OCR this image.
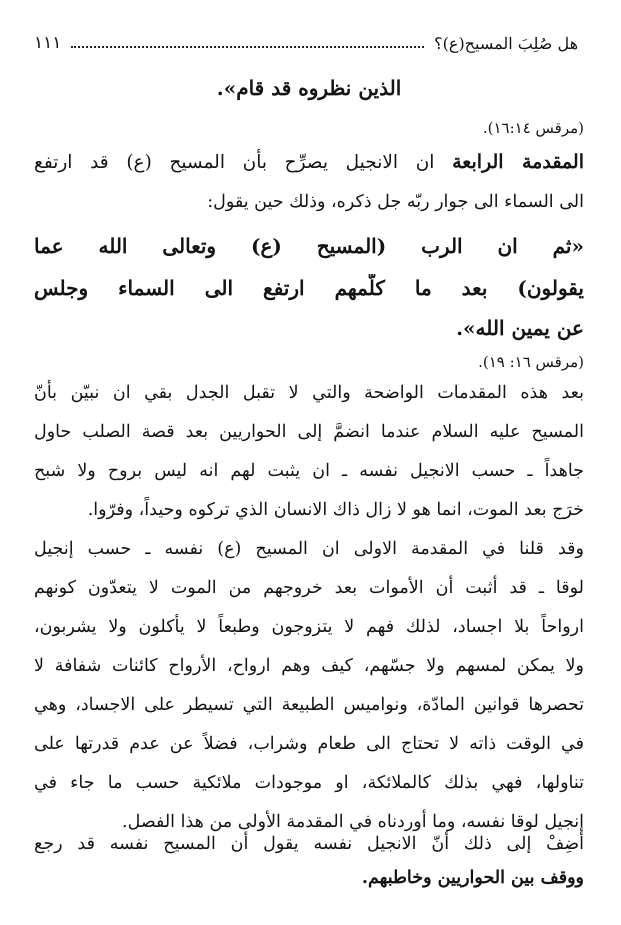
هل صُلِبَ المسيح(ع)؟
١١١
الذين نظروه قد قام».
(مرقس ١٦:١٤).
المقدمة الرابعة ان الانجيل يصرِّح بأن المسيح (ع) قد ارتفع
الى السماء الى جوار ربّه جل ذكره، وذلك حين يقول:
«ثم ان الرب (المسيح (ع) وتعالى الله عما
يقولون) بعد ما كلّمهم ارتفع الى السماء وجلس
عن يمين الله».
(مرقس ١٦: ١٩).
بعد هذه المقدمات الواضحة والتي لا تقبل الجدل بقي ان نبيّن بأنّ
المسيح عليه السلام عندما انضمَّ إلى الحواريين بعد قصة الصلب حاول
جاهداً ـ حسب الانجيل نفسه ـ ان يثبت لهم انه ليس بروح ولا شبح
خرَج بعد الموت، انما هو لا زال ذاك الانسان الذي تركوه وحيداً، وفرّوا.
وقد قلنا في المقدمة الاولى ان المسيح (ع) نفسه ـ حسب إنجيل
لوقا ـ قد أثبت أن الأموات بعد خروجهم من الموت لا يتعدّون كونهم
ارواحاً بلا اجساد، لذلك فهم لا يتزوجون وطبعاً لا يأكلون ولا يشربون،
ولا يمكن لمسهم ولا جسّهم، كيف وهم ارواح، الأرواح كائنات شفافة لا
تحصرها قوانين المادّة، ونواميس الطبيعة التي تسيطر على الاجساد، وهي
في الوقت ذاته لا تحتاج الى طعام وشراب، فضلاً عن عدم قدرتها على
تناولها، فهي بذلك كالملائكة، او موجودات ملائكية حسب ما جاء في
إنجيل لوقا نفسه، وما أوردناه في المقدمة الأولى من هذا الفصل.
أضِفْ إلى ذلك أنّ الانجيل نفسه يقول أن المسيح نفسه قد رجع
ووقف بين الحواريين وخاطبهم.
